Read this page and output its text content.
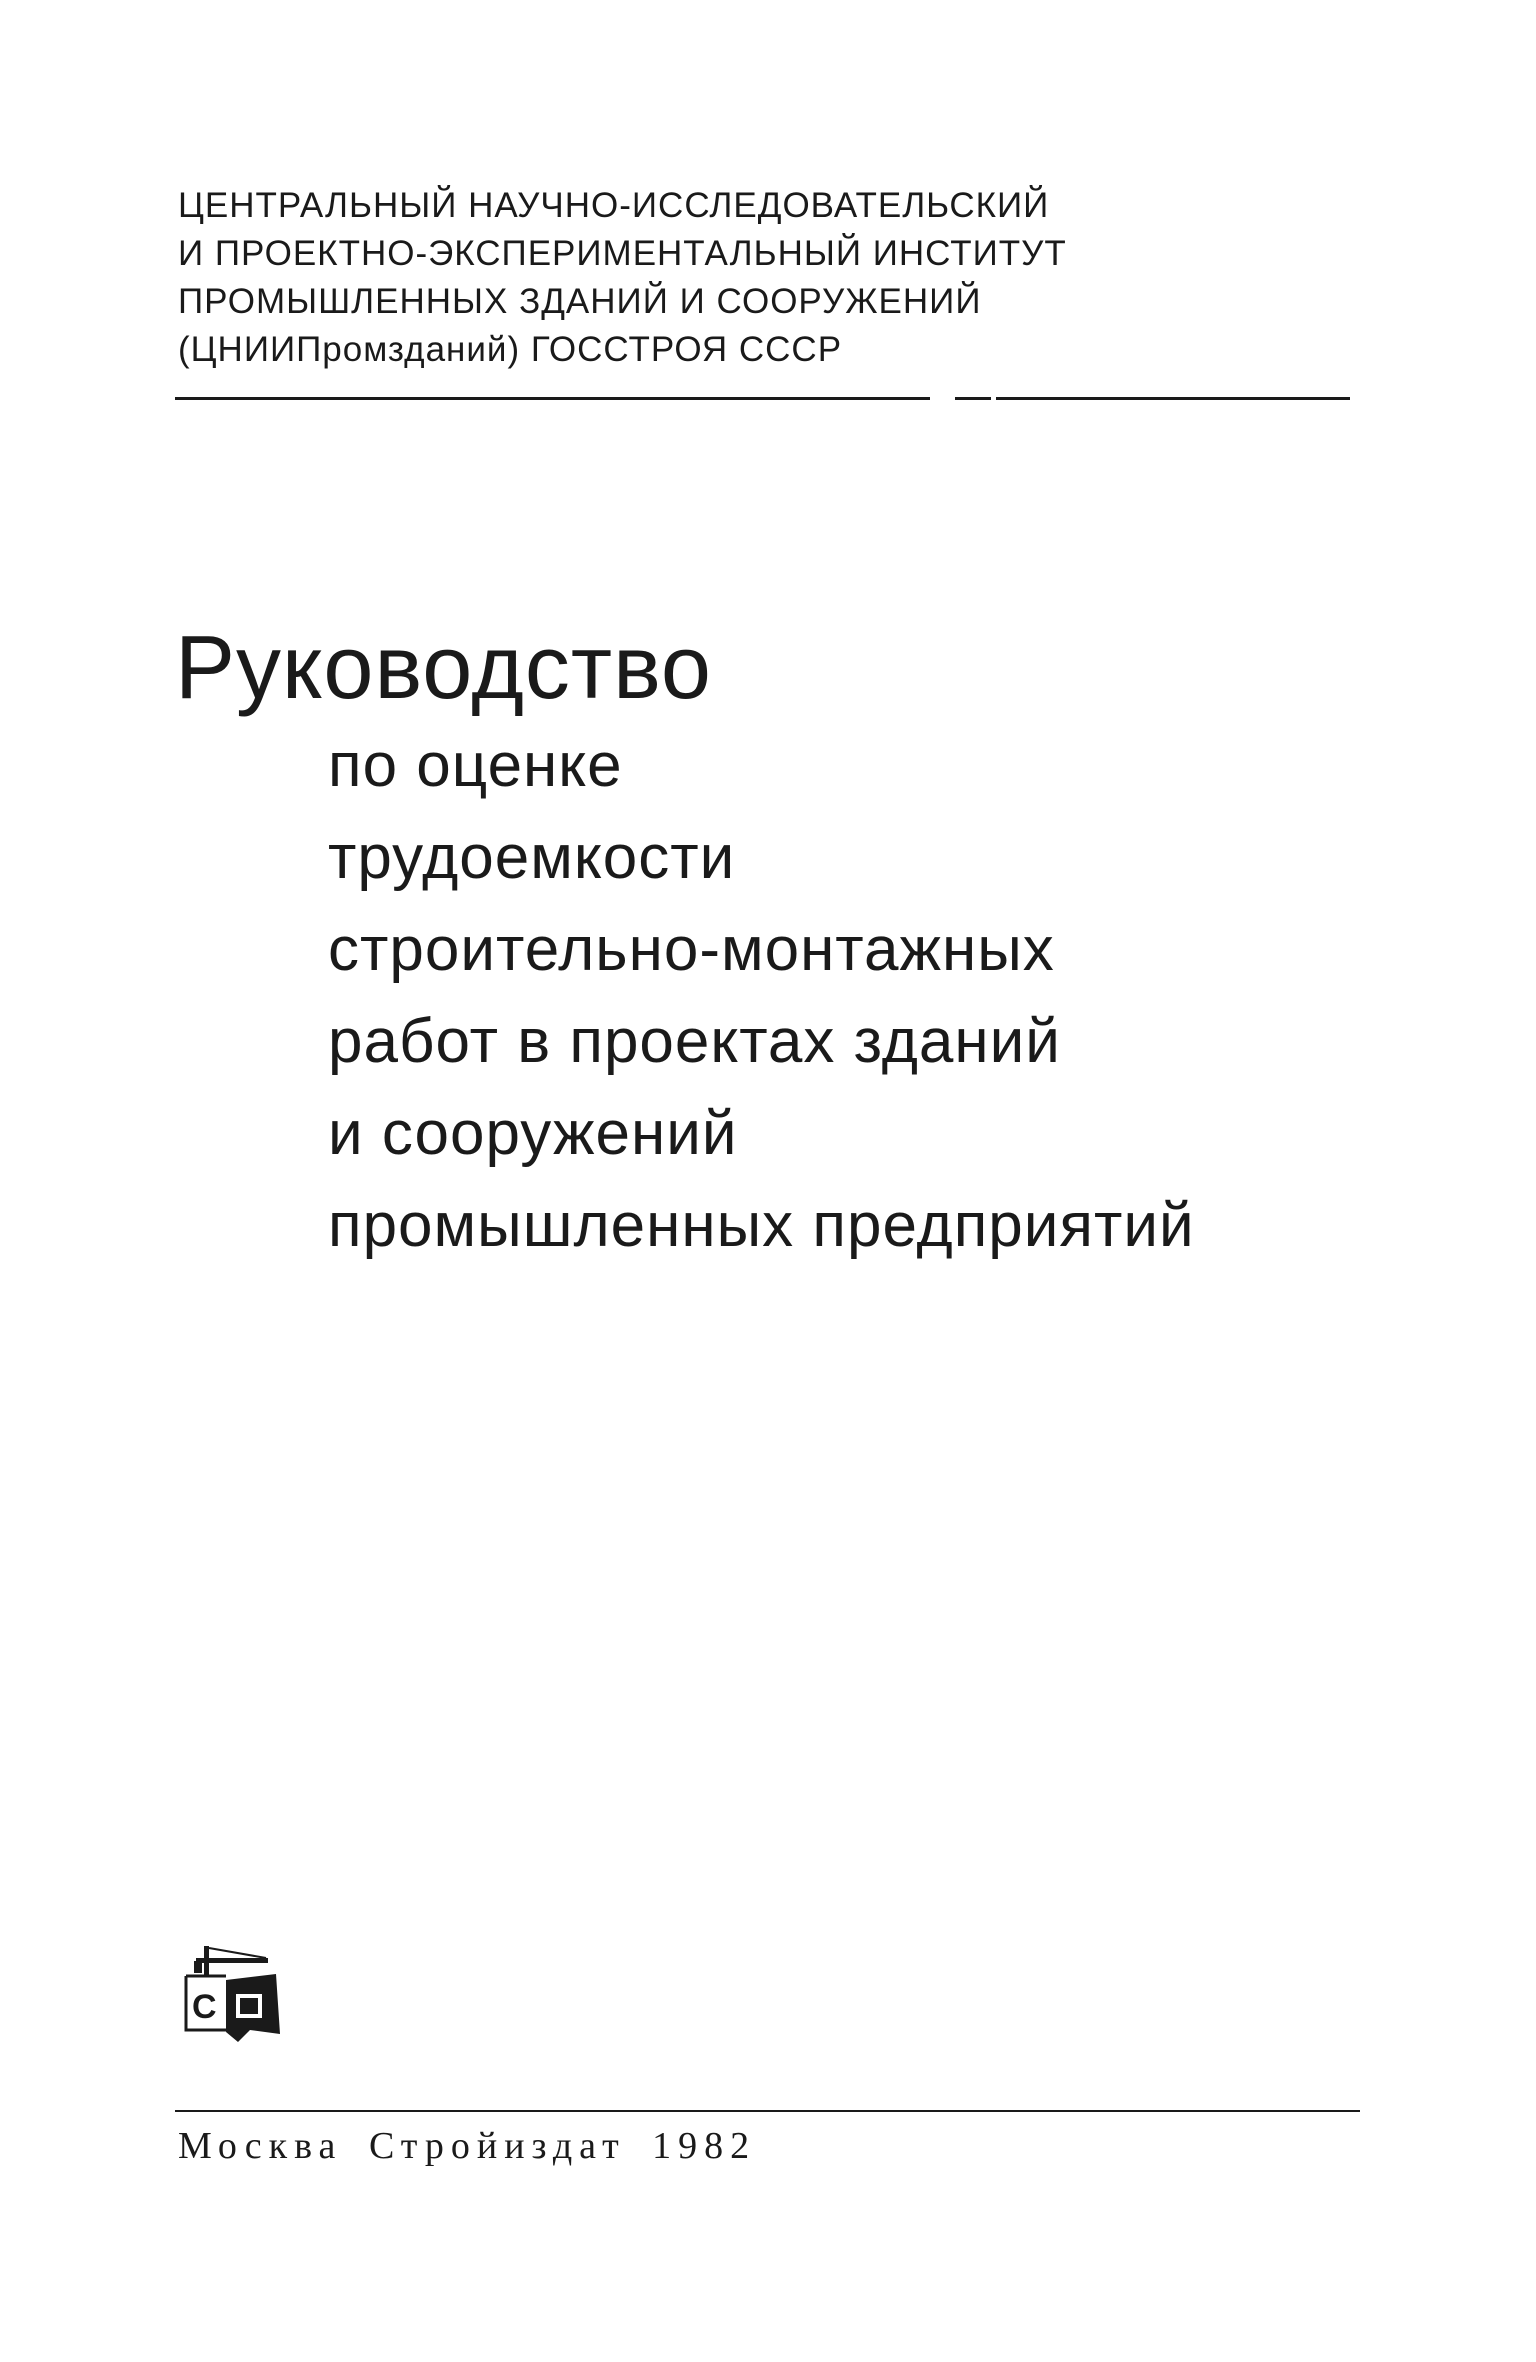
ЦЕНТРАЛЬНЫЙ НАУЧНО-ИССЛЕДОВАТЕЛЬСКИЙ
И ПРОЕКТНО-ЭКСПЕРИМЕНТАЛЬНЫЙ ИНСТИТУТ
ПРОМЫШЛЕННЫХ ЗДАНИЙ И СООРУЖЕНИЙ
(ЦНИИПромзданий) ГОССТРОЯ СССР
Руководство
по оценке
трудоемкости
строительно-монтажных
работ в проектах зданий
и сооружений
промышленных предприятий
С
Москва Стройиздат 1982
